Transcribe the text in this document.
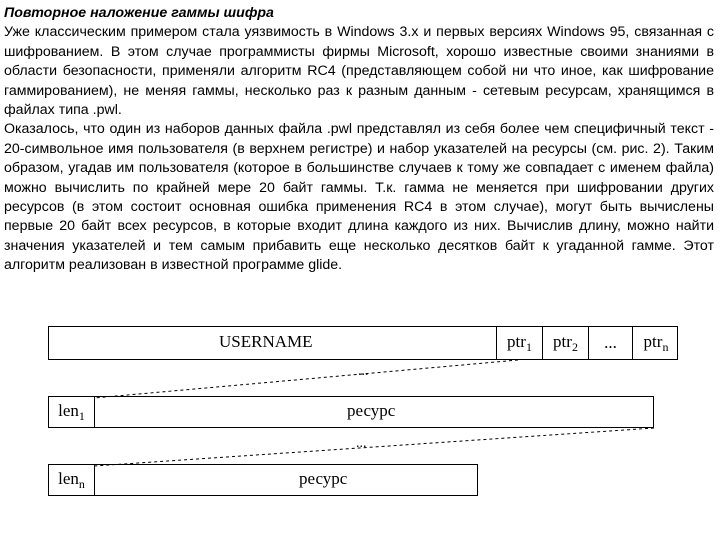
Повторное наложение гаммы шифра

Уже классическим примером стала уязвимость в Windows 3.x и первых версиях Windows 95, связанная с шифрованием. В этом случае программисты фирмы Microsoft, хорошо известные своими знаниями в области безопасности, применяли алгоритм RC4 (представляющем собой ни что иное, как шифрование гаммированием), не меняя гаммы, несколько раз к разным данным - сетевым ресурсам, хранящимся в файлах типа .pwl.

Оказалось, что один из наборов данных файла .pwl представлял из себя более чем специфичный текст - 20-символьное имя пользователя (в верхнем регистре) и набор указателей на ресурсы (см. рис. 2). Таким образом, угадав им пользователя (которое в большинстве случаев к тому же совпадает с именем файла) можно вычислить по крайней мере 20 байт гаммы. Т.к. гамма не меняется при шифровании других ресурсов (в этом состоит основная ошибка применения RC4 в этом случае), могут быть вычислены первые 20 байт всех ресурсов, в которые входит длина каждого из них. Вычислив длину, можно найти значения указателей и тем самым прибавить еще несколько десятков байт к угаданной гамме. Этот алгоритм реализован в известной программе glide.

USERNAME	ptr$_1$ ptr$_2$ ... ptr$_n$
...
len$_1$	ресурс
...
len$_n$	ресурс
